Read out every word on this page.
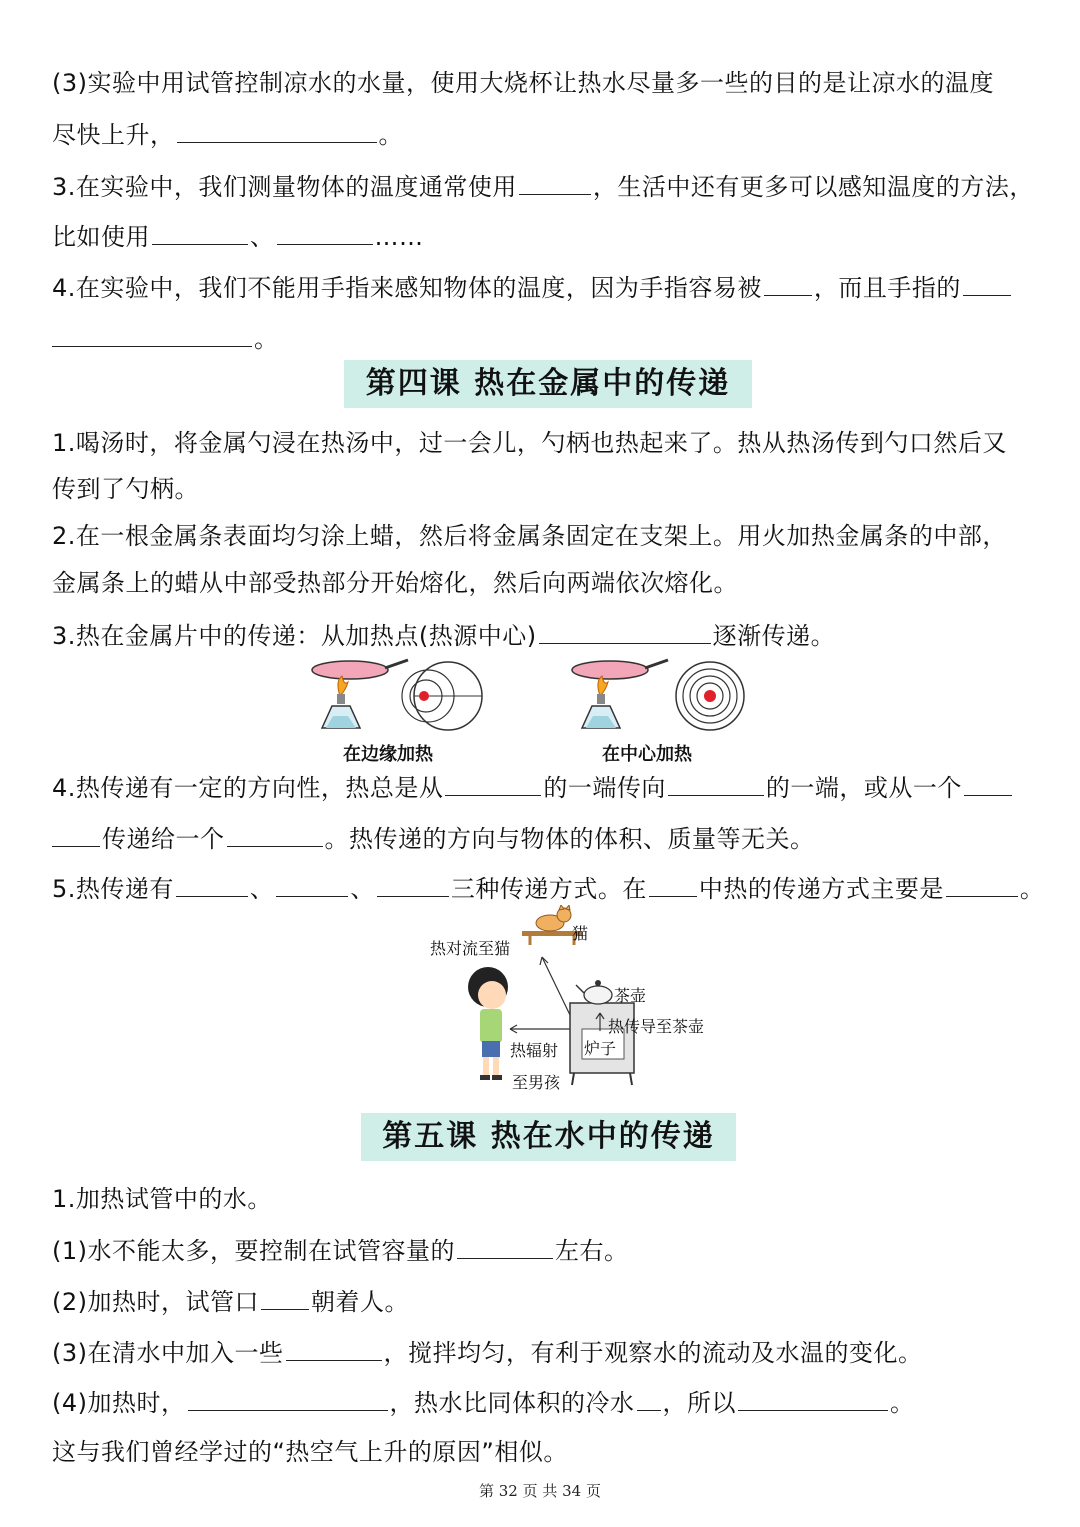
(3)实验中用试管控制凉水的水量，使用大烧杯让热水尽量多一些的目的是让凉水的温度
尽快上升，	。
3.在实验中，我们测量物体的温度通常使用	，生活中还有更多可以感知温度的方法，
比如使用	、	……
4.在实验中，我们不能用手指来感知物体的温度，因为手指容易被 ，而且手指的
。
第四课 热在金属中的传递
1.喝汤时，将金属勺浸在热汤中，过一会儿，勺柄也热起来了。热从热汤传到勺口然后又
传到了勺柄。
2.在一根金属条表面均匀涂上蜡，然后将金属条固定在支架上。用火加热金属条的中部，
金属条上的蜡从中部受热部分开始熔化，然后向两端依次熔化。
3.热在金属片中的传递：从加热点(热源中心)	逐渐传递。
在边缘加热	在中心加热
4.热传递有一定的方向性，热总是从	的一端传向	的一端，或从一个
传递给一个	。热传递的方向与物体的体积、质量等无关。
5.热传递有	、	、	三种传递方式。在 中热的传递方式主要是	。
热对流至猫
猫
茶壶
热传导至茶壶
炉子
热辐射
至男孩
第五课 热在水中的传递
1.加热试管中的水。
(1)水不能太多，要控制在试管容量的	左右。
(2)加热时，试管口 朝着人。
(3)在清水中加入一些	，搅拌均匀，有利于观察水的流动及水温的变化。
(4)加热时，	，热水比同体积的冷水 ，所以	。
这与我们曾经学过的“热空气上升的原因”相似。
第 32 页 共 34 页
